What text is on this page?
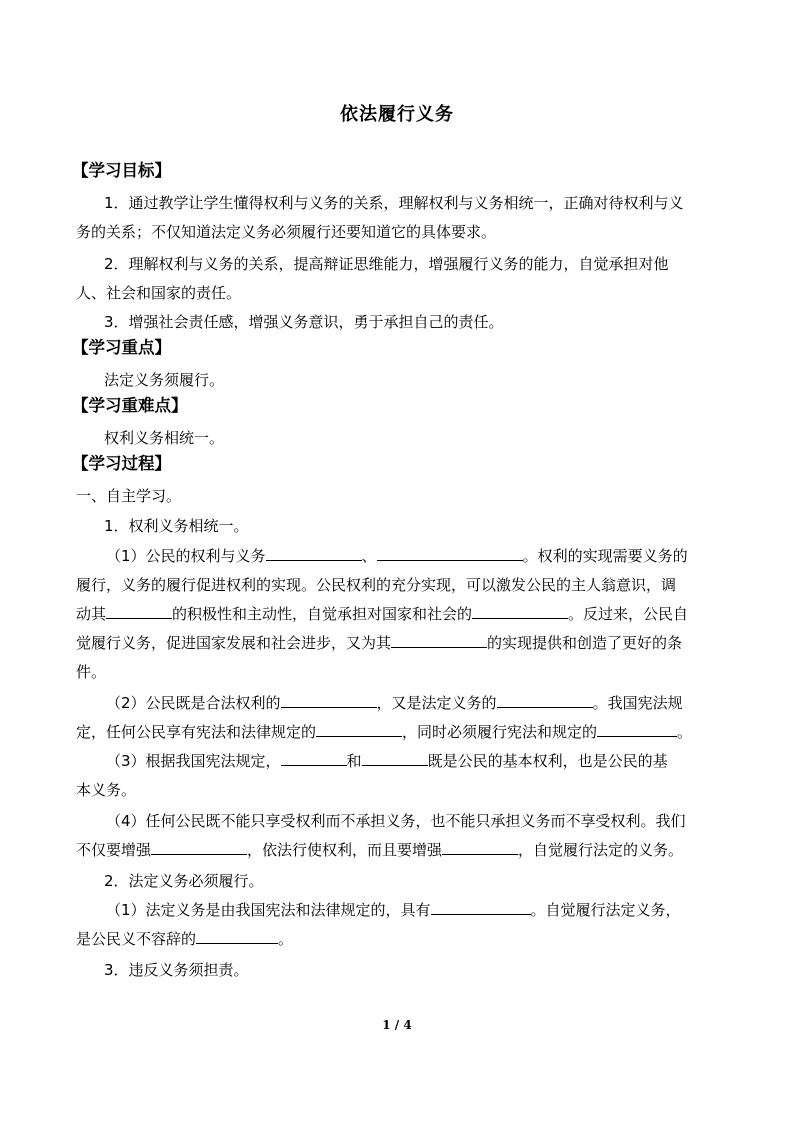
依法履行义务
【学习目标】
1．通过教学让学生懂得权利与义务的关系，理解权利与义务相统一，正确对待权利与义
务的关系；不仅知道法定义务必须履行还要知道它的具体要求。
2．理解权利与义务的关系，提高辩证思维能力，增强履行义务的能力，自觉承担对他
人、社会和国家的责任。
3．增强社会责任感，增强义务意识，勇于承担自己的责任。
【学习重点】
法定义务须履行。
【学习重难点】
权利义务相统一。
【学习过程】
一、自主学习。
1．权利义务相统一。
（1）公民的权利与义务	、	。权利的实现需要义务的
履行，义务的履行促进权利的实现。公民权利的充分实现，可以激发公民的主人翁意识，调
动其	的积极性和主动性，自觉承担对国家和社会的	。反过来，公民自
觉履行义务，促进国家发展和社会进步，又为其	的实现提供和创造了更好的条
件。
（2）公民既是合法权利的	，又是法定义务的	。我国宪法规
定，任何公民享有宪法和法律规定的	，同时必须履行宪法和规定的	。
（3）根据我国宪法规定，	和	既是公民的基本权利，也是公民的基
本义务。
（4）任何公民既不能只享受权利而不承担义务，也不能只承担义务而不享受权利。我们
不仅要增强	，依法行使权利，而且要增强	，自觉履行法定的义务。
2．法定义务必须履行。
（1）法定义务是由我国宪法和法律规定的，具有	。自觉履行法定义务，
是公民义不容辞的	。
3．违反义务须担责。
1 / 4
